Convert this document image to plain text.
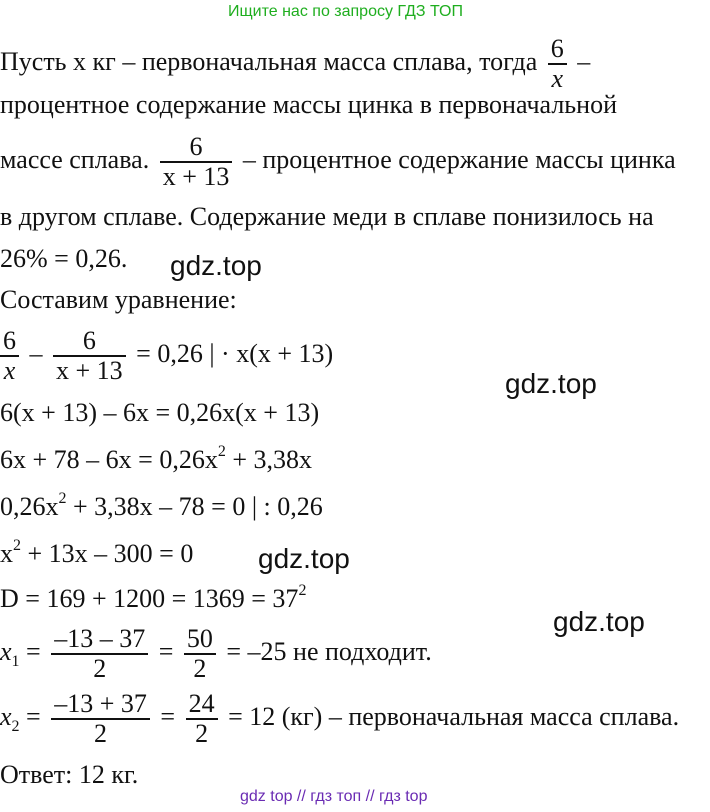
Ищите нас по запросу ГДЗ ТОП
Пусть x кг – первоначальная масса сплава, тогда $\frac{6}{x}$ –
процентное содержание массы цинка в первоначальной
массе сплава. $\frac{6}{x + 13}$ – процентное содержание массы цинка
в другом сплаве. Содержание меди в сплаве понизилось на
26% = 0,26. gdz.top
Составим уравнение:
$\frac{6}{x} - \frac{6}{x + 13} = 0,26$ | · x(x + 13)
gdz.top
6(x + 13) – 6x = 0,26x(x + 13)
$6x + 78 - 6x = 0,26x^2 + 3,38x$
$0,26x^2 + 3,38x - 78 = 0$ | : 0,26
$x^2 + 13x - 300 = 0$ gdz.top
$D = 169 + 1200 = 1369 = 37^2$
gdz.top
$x_1 = \frac{-13 - 37}{2} = \frac{50}{2} = -25$ не подходит.
$x_2 = \frac{-13 + 37}{2} = \frac{24}{2} = 12$ (кг) – первоначальная масса сплава.
Ответ: 12 кг.
gdz top // гдз топ // гдз top
